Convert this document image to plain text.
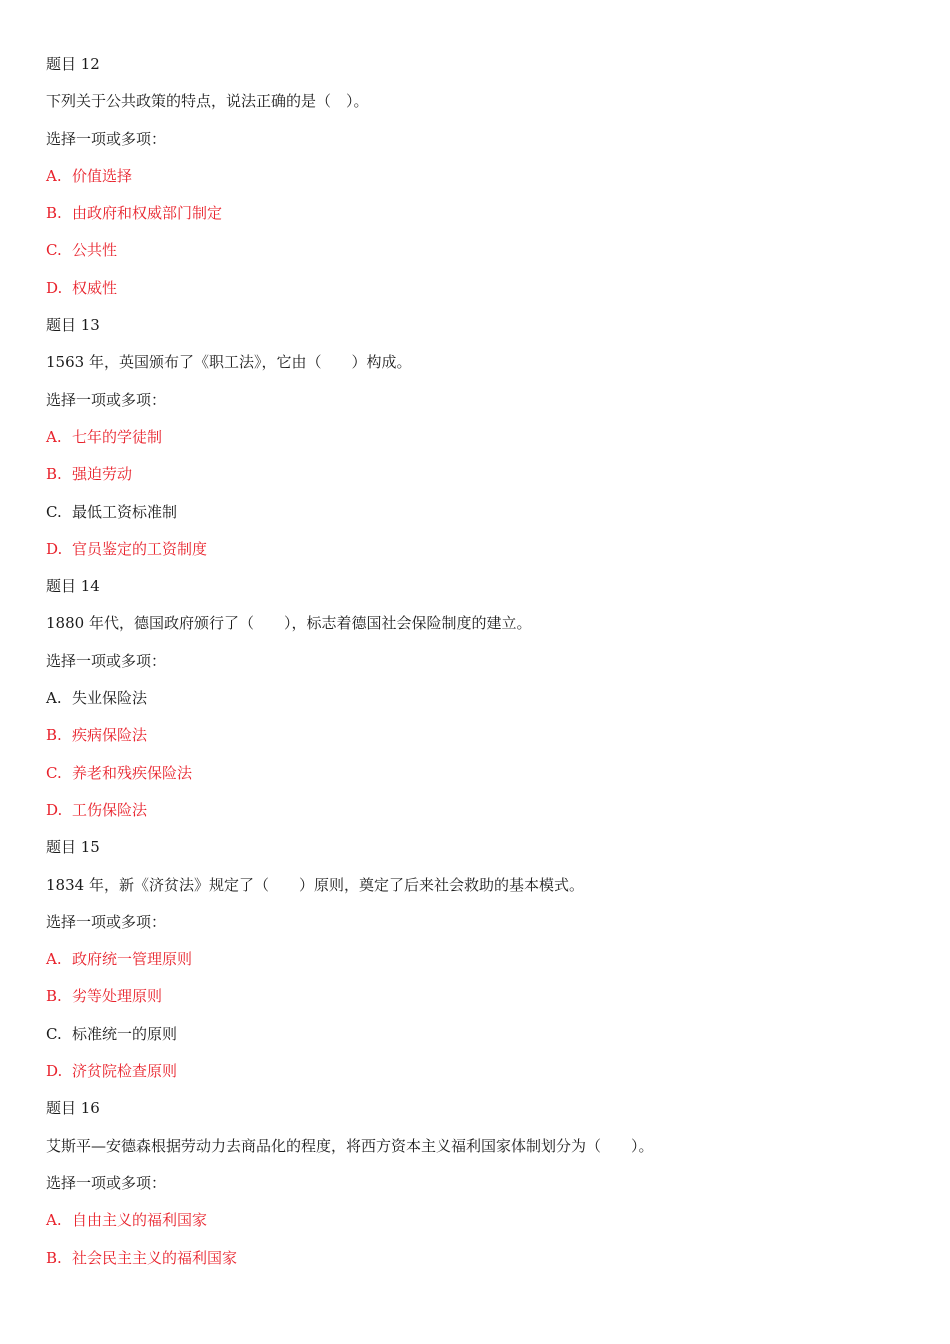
题目 12
下列关于公共政策的特点，说法正确的是（　）。
选择一项或多项：
A. 价值选择
B. 由政府和权威部门制定
C. 公共性
D. 权威性
题目 13
1563 年，英国颁布了《职工法》，它由（　　）构成。
选择一项或多项：
A. 七年的学徒制
B. 强迫劳动
C. 最低工资标准制
D. 官员鉴定的工资制度
题目 14
1880 年代，德国政府颁行了（　　），标志着德国社会保险制度的建立。
选择一项或多项：
A. 失业保险法
B. 疾病保险法
C. 养老和残疾保险法
D. 工伤保险法
题目 15
1834 年，新《济贫法》规定了（　　）原则，奠定了后来社会救助的基本模式。
选择一项或多项：
A. 政府统一管理原则
B. 劣等处理原则
C. 标准统一的原则
D. 济贫院检查原则
题目 16
艾斯平—安德森根据劳动力去商品化的程度，将西方资本主义福利国家体制划分为（　　）。
选择一项或多项：
A. 自由主义的福利国家
B. 社会民主主义的福利国家
